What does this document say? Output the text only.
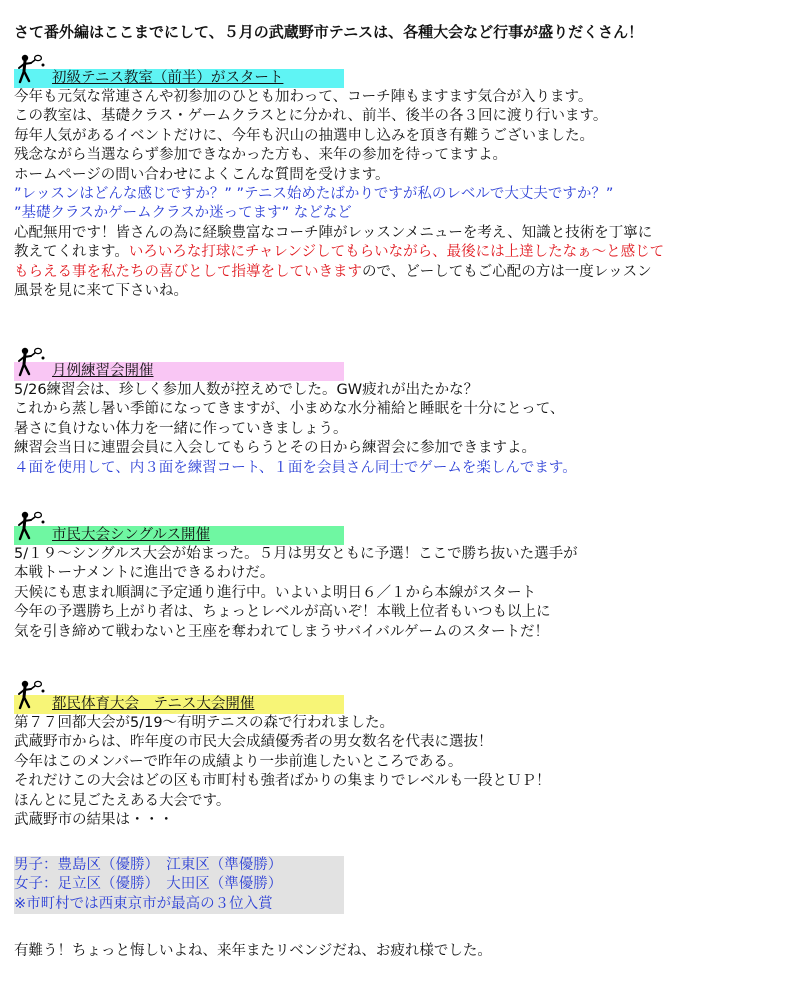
さて番外編はここまでにして、５月の武蔵野市テニスは、各種大会など行事が盛りだくさん！
初級テニス教室（前半）がスタート
今年も元気な常連さんや初参加のひとも加わって、コーチ陣もますます気合が入ります。
この教室は、基礎クラス・ゲームクラスとに分かれ、前半、後半の各３回に渡り行います。
毎年人気があるイベントだけに、今年も沢山の抽選申し込みを頂き有難うございました。
残念ながら当選ならず参加できなかった方も、来年の参加を待ってますよ。
ホームページの問い合わせによくこんな質問を受けます。
”レッスンはどんな感じですか？” ”テニス始めたばかりですが私のレベルで大丈夫ですか？”
”基礎クラスかゲームクラスか迷ってます” などなど
心配無用です！皆さんの為に経験豊富なコーチ陣がレッスンメニューを考え、知識と技術を丁寧に
教えてくれます。いろいろな打球にチャレンジしてもらいながら、最後には上達したなぁ～と感じて
もらえる事を私たちの喜びとして指導をしていきますので、どーしてもご心配の方は一度レッスン
風景を見に来て下さいね。
月例練習会開催
5/26練習会は、珍しく参加人数が控えめでした。GW疲れが出たかな？
これから蒸し暑い季節になってきますが、小まめな水分補給と睡眠を十分にとって、
暑さに負けない体力を一緒に作っていきましょう。
練習会当日に連盟会員に入会してもらうとその日から練習会に参加できますよ。
４面を使用して、内３面を練習コート、１面を会員さん同士でゲームを楽しんでます。
市民大会シングルス開催
5/１９～シングルス大会が始まった。５月は男女ともに予選！ここで勝ち抜いた選手が
本戦トーナメントに進出できるわけだ。
天候にも恵まれ順調に予定通り進行中。いよいよ明日６／１から本線がスタート
今年の予選勝ち上がり者は、ちょっとレベルが高いぞ！本戦上位者もいつも以上に
気を引き締めて戦わないと王座を奪われてしまうサバイバルゲームのスタートだ！
都民体育大会　テニス大会開催
第７７回都大会が5/19～有明テニスの森で行われました。
武蔵野市からは、昨年度の市民大会成績優秀者の男女数名を代表に選抜！
今年はこのメンバーで昨年の成績より一歩前進したいところである。
それだけこの大会はどの区も市町村も強者ばかりの集まりでレベルも一段とＵＰ！
ほんとに見ごたえある大会です。
武蔵野市の結果は・・・
男子：豊島区（優勝）　江東区（準優勝）
女子：足立区（優勝）　大田区（準優勝）
※市町村では西東京市が最高の３位入賞
有難う！ちょっと悔しいよね、来年またリベンジだね、お疲れ様でした。
